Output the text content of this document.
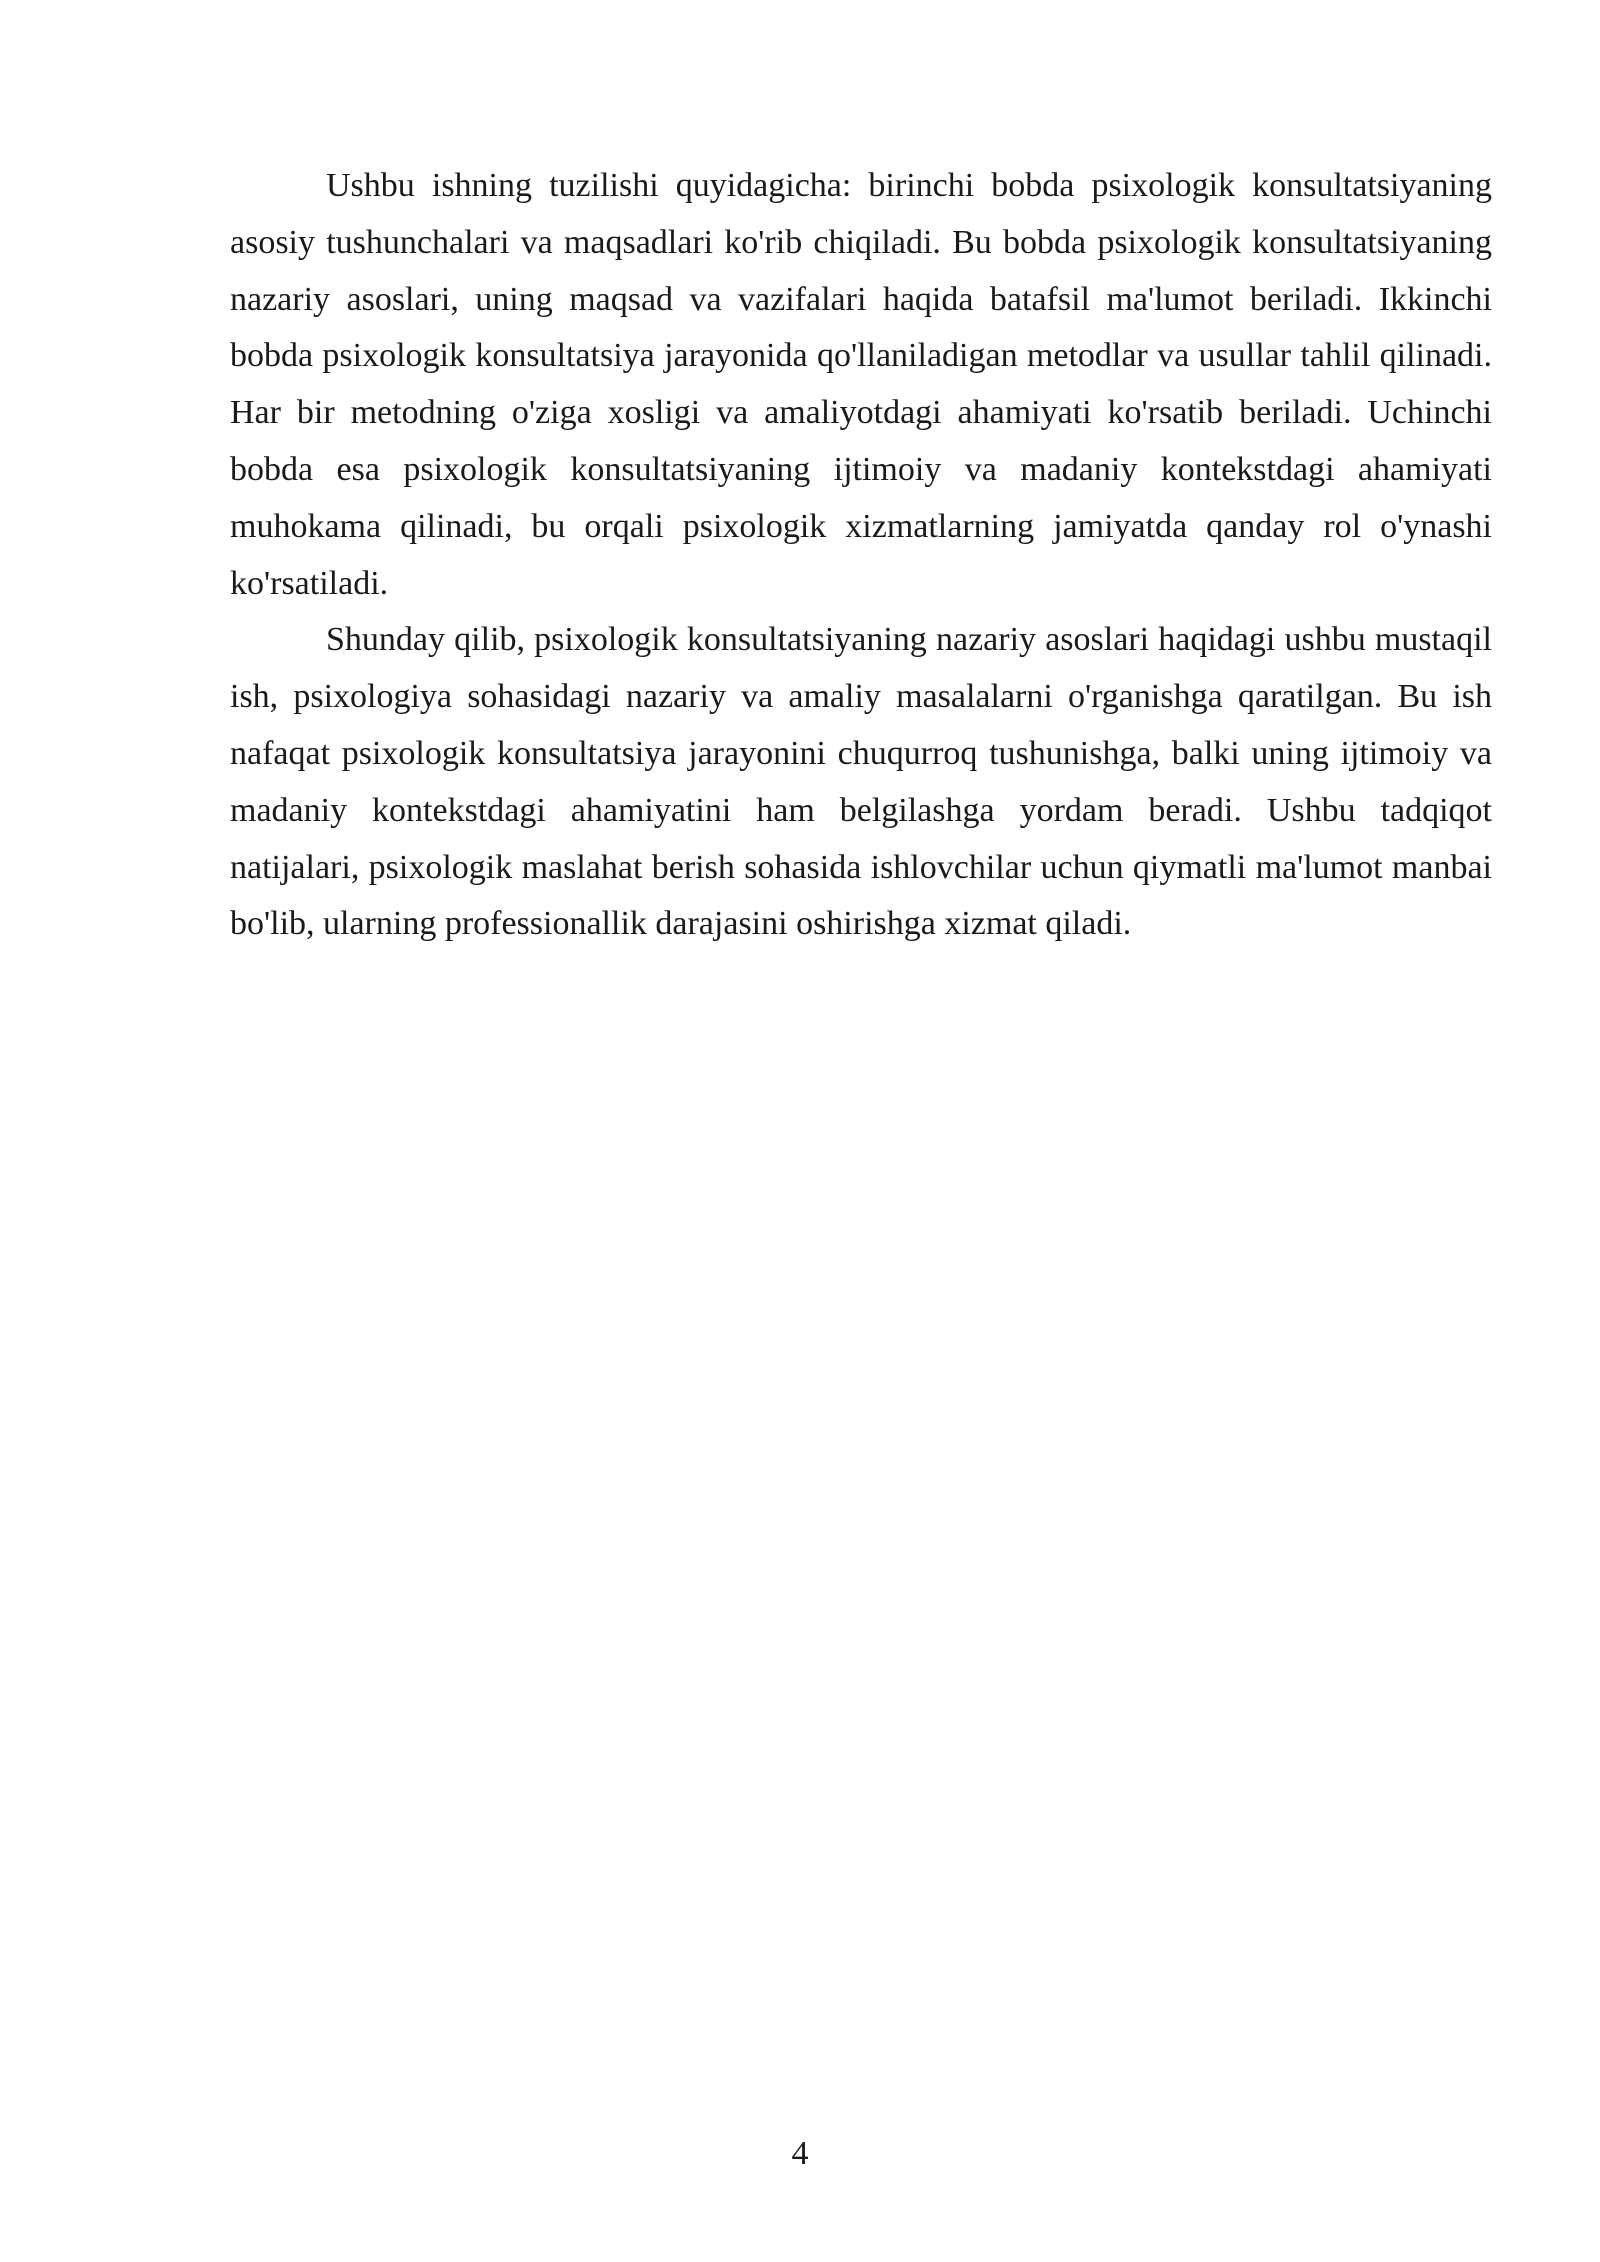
Ushbu ishning tuzilishi quyidagicha: birinchi bobda psixologik konsultatsiyaning asosiy tushunchalari va maqsadlari ko'rib chiqiladi. Bu bobda psixologik konsultatsiyaning nazariy asoslari, uning maqsad va vazifalari haqida batafsil ma'lumot beriladi. Ikkinchi bobda psixologik konsultatsiya jarayonida qo'llaniladigan metodlar va usullar tahlil qilinadi. Har bir metodning o'ziga xosligi va amaliyotdagi ahamiyati ko'rsatib beriladi. Uchinchi bobda esa psixologik konsultatsiyaning ijtimoiy va madaniy kontekstdagi ahamiyati muhokama qilinadi, bu orqali psixologik xizmatlarning jamiyatda qanday rol o'ynashi ko'rsatiladi.

Shunday qilib, psixologik konsultatsiyaning nazariy asoslari haqidagi ushbu mustaqil ish, psixologiya sohasidagi nazariy va amaliy masalalarni o'rganishga qaratilgan. Bu ish nafaqat psixologik konsultatsiya jarayonini chuqurroq tushunishga, balki uning ijtimoiy va madaniy kontekstdagi ahamiyatini ham belgilashga yordam beradi. Ushbu tadqiqot natijalari, psixologik maslahat berish sohasida ishlovchilar uchun qiymatli ma'lumot manbai bo'lib, ularning professionallik darajasini oshirishga xizmat qiladi.

4
